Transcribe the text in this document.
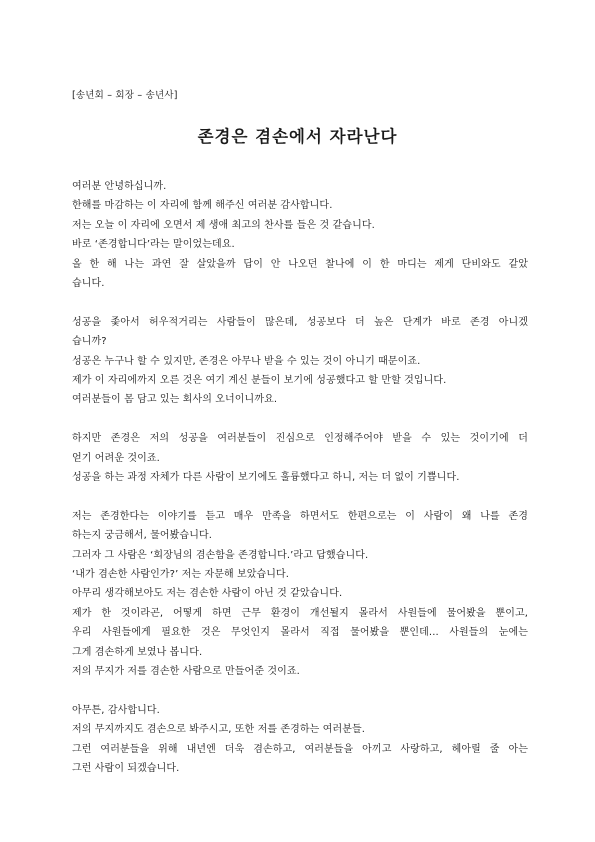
[송년회 – 회장 – 송년사]
존경은 겸손에서 자라난다
여러분 안녕하십니까.
한해를 마감하는 이 자리에 함께 해주신 여러분 감사합니다.
저는 오늘 이 자리에 오면서 제 생애 최고의 찬사를 들은 것 같습니다.
바로 ‘존경합니다’라는 말이었는데요.
올 한 해 나는 과연 잘 살았을까 답이 안 나오던 찰나에 이 한 마디는 제게 단비와도 같았
습니다.
성공을 좇아서 허우적거리는 사람들이 많은데, 성공보다 더 높은 단계가 바로 존경 아니겠
습니까?
성공은 누구나 할 수 있지만, 존경은 아무나 받을 수 있는 것이 아니기 때문이죠.
제가 이 자리에까지 오른 것은 여기 계신 분들이 보기에 성공했다고 할 만할 것입니다.
여러분들이 몸 담고 있는 회사의 오너이니까요.
하지만 존경은 저의 성공을 여러분들이 진심으로 인정해주어야 받을 수 있는 것이기에 더
얻기 어려운 것이죠.
성공을 하는 과정 자체가 다른 사람이 보기에도 훌륭했다고 하니, 저는 더 없이 기쁩니다.
저는 존경한다는 이야기를 듣고 매우 만족을 하면서도 한편으로는 이 사람이 왜 나를 존경
하는지 궁금해서, 물어봤습니다.
그러자 그 사람은 ‘회장님의 겸손함을 존경합니다.’라고 답했습니다.
‘내가 겸손한 사람인가?’ 저는 자문해 보았습니다.
아무리 생각해보아도 저는 겸손한 사람이 아닌 것 같았습니다.
제가 한 것이라곤, 어떻게 하면 근무 환경이 개선될지 몰라서 사원들에 물어봤을 뿐이고,
우리 사원들에게 필요한 것은 무엇인지 몰라서 직접 물어봤을 뿐인데... 사원들의 눈에는
그게 겸손하게 보였나 봅니다.
저의 무지가 저를 겸손한 사람으로 만들어준 것이죠.
아무튼, 감사합니다.
저의 무지까지도 겸손으로 봐주시고, 또한 저를 존경하는 여러분들.
그런 여러분들을 위해 내년엔 더욱 겸손하고, 여러분들을 아끼고 사랑하고, 헤아릴 줄 아는
그런 사람이 되겠습니다.
